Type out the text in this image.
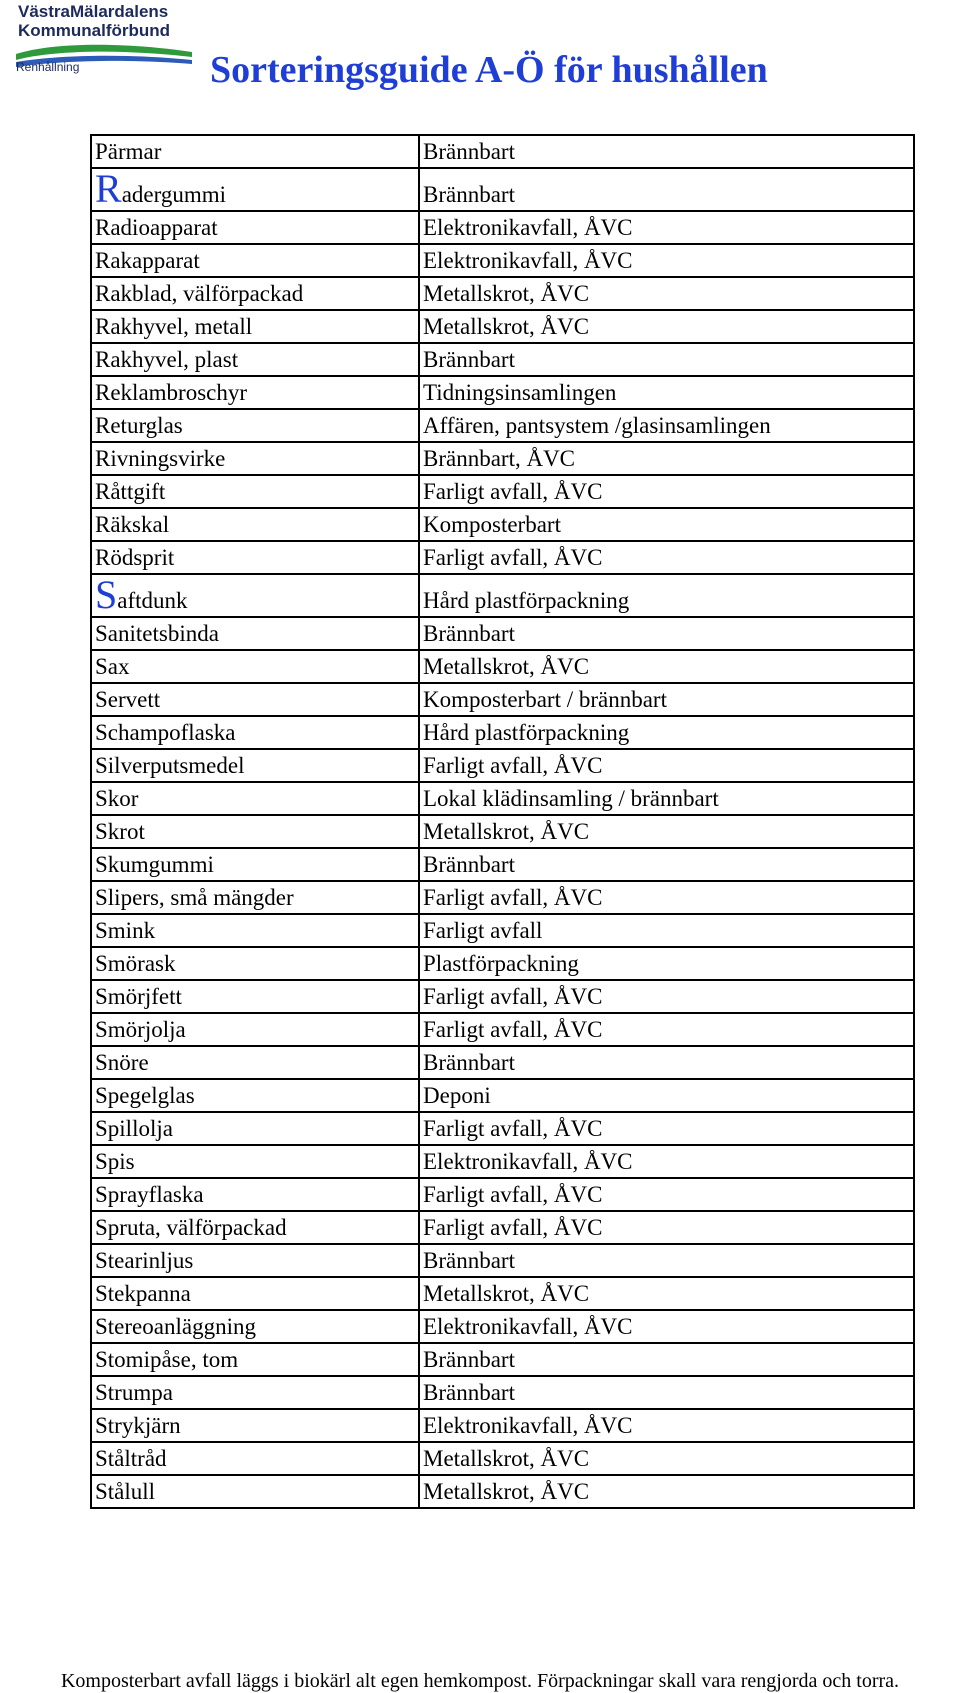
VästraMälardalens
Kommunalförbund
Renhållning	Sorteringsguide A-Ö för hushållen
Pärmar	Brännbart
Radergummi	Brännbart
Radioapparat	Elektronikavfall, ÅVC
Rakapparat	Elektronikavfall, ÅVC
Rakblad, välförpackad	Metallskrot, ÅVC
Rakhyvel, metall	Metallskrot, ÅVC
Rakhyvel, plast	Brännbart
Reklambroschyr	Tidningsinsamlingen
Returglas	Affären, pantsystem /glasinsamlingen
Rivningsvirke	Brännbart, ÅVC
Råttgift	Farligt avfall, ÅVC
Räkskal	Komposterbart
Rödsprit	Farligt avfall, ÅVC
Saftdunk	Hård plastförpackning
Sanitetsbinda	Brännbart
Sax	Metallskrot, ÅVC
Servett	Komposterbart / brännbart
Schampoflaska	Hård plastförpackning
Silverputsmedel	Farligt avfall, ÅVC
Skor	Lokal klädinsamling / brännbart
Skrot	Metallskrot, ÅVC
Skumgummi	Brännbart
Slipers, små mängder	Farligt avfall, ÅVC
Smink	Farligt avfall
Smörask	Plastförpackning
Smörjfett	Farligt avfall, ÅVC
Smörjolja	Farligt avfall, ÅVC
Snöre	Brännbart
Spegelglas	Deponi
Spillolja	Farligt avfall, ÅVC
Spis	Elektronikavfall, ÅVC
Sprayflaska	Farligt avfall, ÅVC
Spruta, välförpackad	Farligt avfall, ÅVC
Stearinljus	Brännbart
Stekpanna	Metallskrot, ÅVC
Stereoanläggning	Elektronikavfall, ÅVC
Stomipåse, tom	Brännbart
Strumpa	Brännbart
Strykjärn	Elektronikavfall, ÅVC
Ståltråd	Metallskrot, ÅVC
Stålull	Metallskrot, ÅVC
Komposterbart avfall läggs i biokärl alt egen hemkompost. Förpackningar skall vara rengjorda och torra.
